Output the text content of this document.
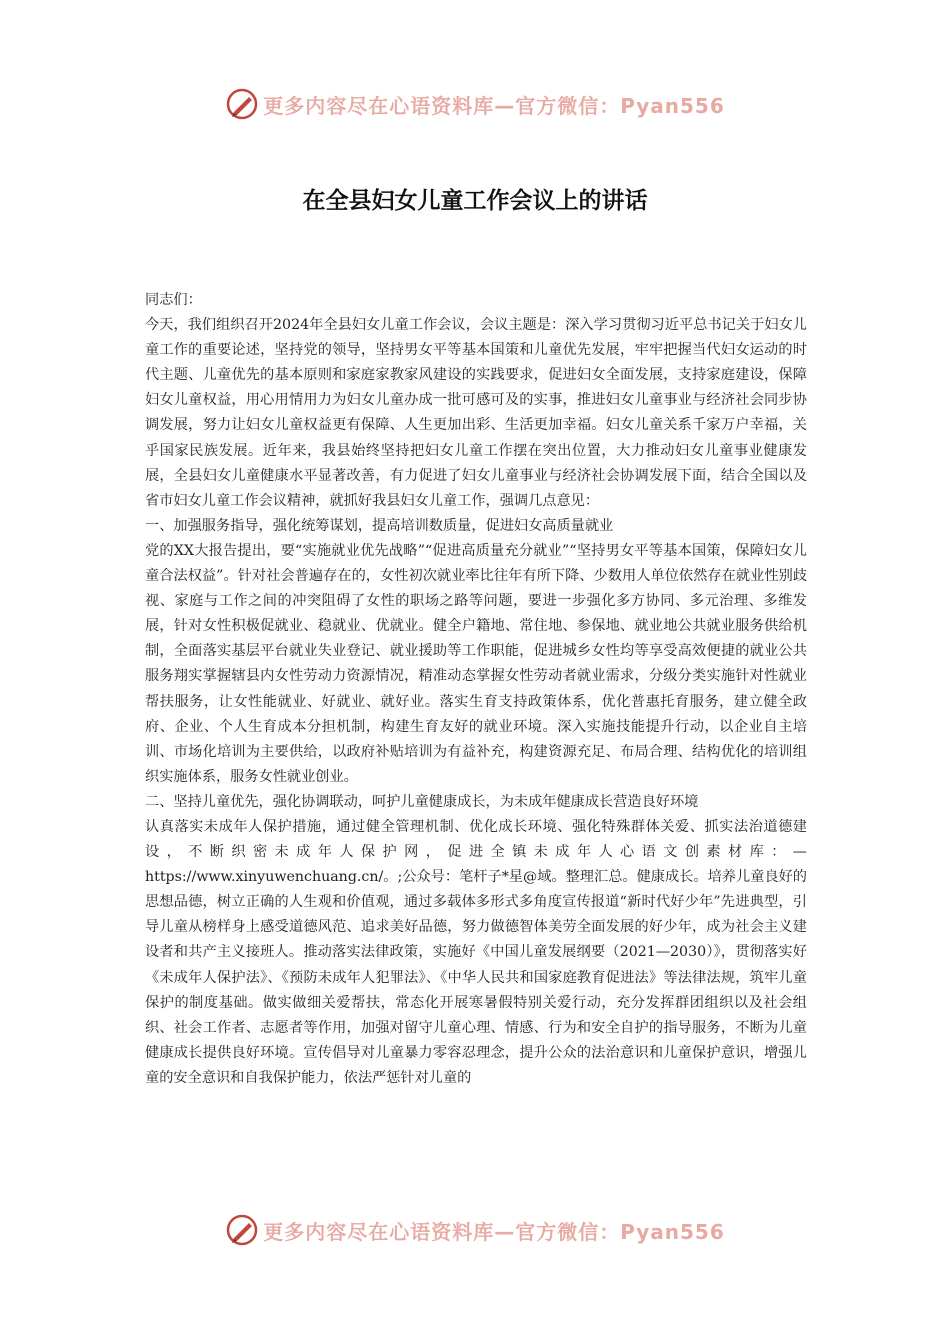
更多内容尽在心语资料库—官方微信：Pyan556
在全县妇女儿童工作会议上的讲话

同志们：

今天，我们组织召开2024年全县妇女儿童工作会议，会议主题是：深入学习贯彻习近平总书记关于妇女儿童工作的重要论述，坚持党的领导，坚持男女平等基本国策和儿童优先发展，牢牢把握当代妇女运动的时代主题、儿童优先的基本原则和家庭家教家风建设的实践要求，促进妇女全面发展，支持家庭建设，保障妇女儿童权益，用心用情用力为妇女儿童办成一批可感可及的实事，推进妇女儿童事业与经济社会同步协调发展，努力让妇女儿童权益更有保障、人生更加出彩、生活更加幸福。妇女儿童关系千家万户幸福，关乎国家民族发展。近年来，我县始终坚持把妇女儿童工作摆在突出位置，大力推动妇女儿童事业健康发展，全县妇女儿童健康水平显著改善，有力促进了妇女儿童事业与经济社会协调发展下面，结合全国以及省市妇女儿童工作会议精神，就抓好我县妇女儿童工作，强调几点意见：

一、加强服务指导，强化统筹谋划，提高培训数质量，促进妇女高质量就业

党的XX大报告提出，要“实施就业优先战略”“促进高质量充分就业”“坚持男女平等基本国策，保障妇女儿童合法权益”。针对社会普遍存在的，女性初次就业率比往年有所下降、少数用人单位依然存在就业性别歧视、家庭与工作之间的冲突阻碍了女性的职场之路等问题，要进一步强化多方协同、多元治理、多维发展，针对女性积极促就业、稳就业、优就业。健全户籍地、常住地、参保地、就业地公共就业服务供给机制，全面落实基层平台就业失业登记、就业援助等工作职能，促进城乡女性均等享受高效便捷的就业公共服务翔实掌握辖县内女性劳动力资源情况，精准动态掌握女性劳动者就业需求，分级分类实施针对性就业帮扶服务，让女性能就业、好就业、就好业。落实生育支持政策体系，优化普惠托育服务，建立健全政府、企业、个人生育成本分担机制，构建生育友好的就业环境。深入实施技能提升行动，以企业自主培训、市场化培训为主要供给，以政府补贴培训为有益补充，构建资源充足、布局合理、结构优化的培训组织实施体系，服务女性就业创业。

二、坚持儿童优先，强化协调联动，呵护儿童健康成长，为未成年健康成长营造良好环境

认真落实未成年人保护措施，通过健全管理机制、优化成长环境、强化特殊群体关爱、抓实法治道德建设，不断织密未成年人保护网，促进全镇未成年人心语文创素材库：—https://www.xinyuwenchuang.cn/。;公众号：笔杆子*星@域。整理汇总。健康成长。培养儿童良好的思想品德，树立正确的人生观和价值观，通过多载体多形式多角度宣传报道“新时代好少年”先进典型，引导儿童从榜样身上感受道德风范、追求美好品德，努力做德智体美劳全面发展的好少年，成为社会主义建设者和共产主义接班人。推动落实法律政策，实施好《中国儿童发展纲要（2021—2030）》，贯彻落实好《未成年人保护法》、《预防未成年人犯罪法》、《中华人民共和国家庭教育促进法》等法律法规，筑牢儿童保护的制度基础。做实做细关爱帮扶，常态化开展寒暑假特别关爱行动，充分发挥群团组织以及社会组织、社会工作者、志愿者等作用，加强对留守儿童心理、情感、行为和安全自护的指导服务，不断为儿童健康成长提供良好环境。宣传倡导对儿童暴力零容忍理念，提升公众的法治意识和儿童保护意识，增强儿童的安全意识和自我保护能力，依法严惩针对儿童的

更多内容尽在心语资料库—官方微信：Pyan556
